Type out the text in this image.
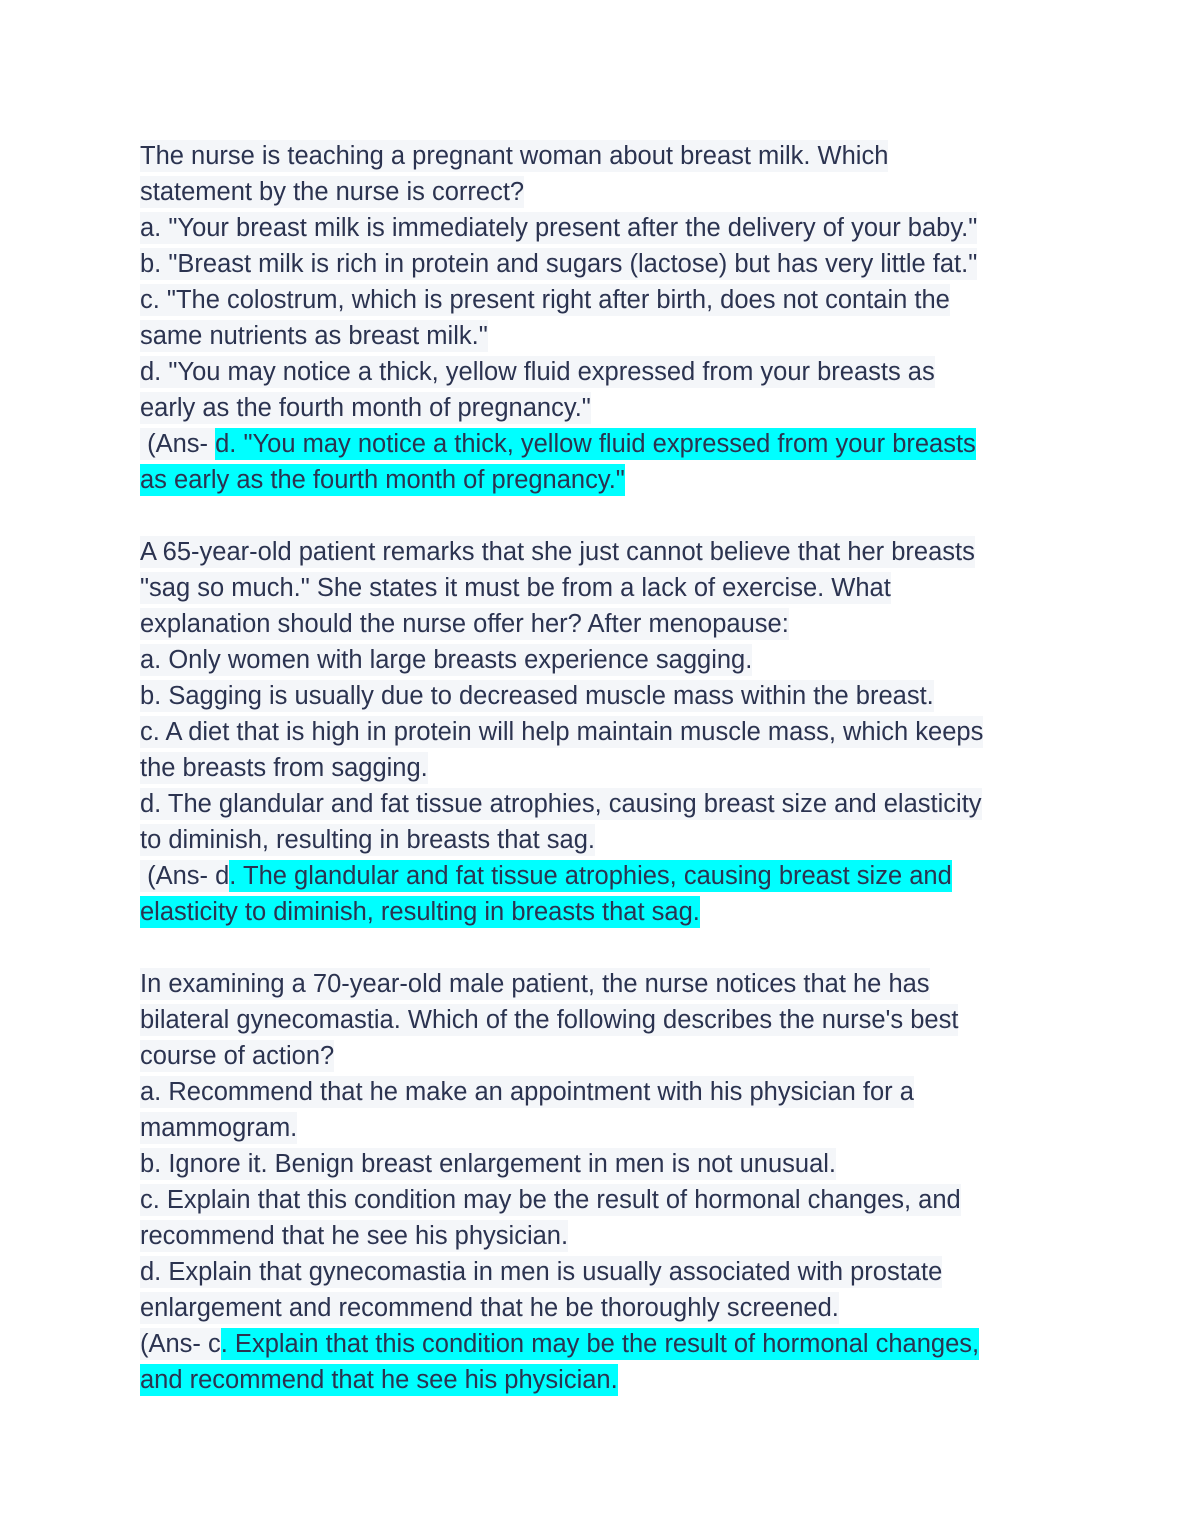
The nurse is teaching a pregnant woman about breast milk. Which
statement by the nurse is correct?
a. "Your breast milk is immediately present after the delivery of your baby."
b. "Breast milk is rich in protein and sugars (lactose) but has very little fat."
c. "The colostrum, which is present right after birth, does not contain the
same nutrients as breast milk."
d. "You may notice a thick, yellow fluid expressed from your breasts as
early as the fourth month of pregnancy."
(Ans- d. "You may notice a thick, yellow fluid expressed from your breasts
as early as the fourth month of pregnancy."
A 65-year-old patient remarks that she just cannot believe that her breasts
"sag so much." She states it must be from a lack of exercise. What
explanation should the nurse offer her? After menopause:
a. Only women with large breasts experience sagging.
b. Sagging is usually due to decreased muscle mass within the breast.
c. A diet that is high in protein will help maintain muscle mass, which keeps
the breasts from sagging.
d. The glandular and fat tissue atrophies, causing breast size and elasticity
to diminish, resulting in breasts that sag.
(Ans- d. The glandular and fat tissue atrophies, causing breast size and
elasticity to diminish, resulting in breasts that sag.
In examining a 70-year-old male patient, the nurse notices that he has
bilateral gynecomastia. Which of the following describes the nurse's best
course of action?
a. Recommend that he make an appointment with his physician for a
mammogram.
b. Ignore it. Benign breast enlargement in men is not unusual.
c. Explain that this condition may be the result of hormonal changes, and
recommend that he see his physician.
d. Explain that gynecomastia in men is usually associated with prostate
enlargement and recommend that he be thoroughly screened.
(Ans- c. Explain that this condition may be the result of hormonal changes,
and recommend that he see his physician.
